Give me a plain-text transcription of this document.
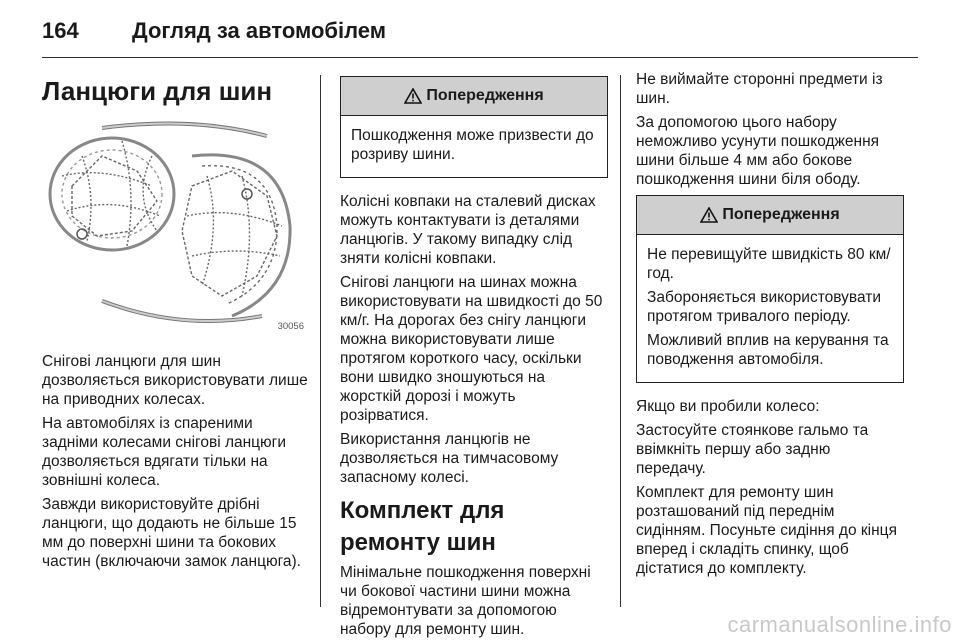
164 Догляд за автомобілем
Ланцюги для шин
30056

Снігові ланцюги для шин дозволяється використовувати лише на приводних колесах.

На автомобілях із спареними задніми колесами снігові ланцюги дозволяється вдягати тільки на зовнішні колеса.

Завжди використовуйте дрібні ланцюги, що додають не більше 15 мм до поверхні шини та бокових частин (включаючи замок ланцюга).

Попередження

Пошкодження може призвести до розриву шини.

Колісні ковпаки на сталевий дисках можуть контактувати із деталями ланцюгів. У такому випадку слід зняти колісні ковпаки.

Снігові ланцюги на шинах можна використовувати на швидкості до 50 км/г. На дорогах без снігу ланцюги можна використовувати лише протягом короткого часу, оскільки вони швидко зношуються на жорсткій дорозі і можуть розірватися.

Використання ланцюгів не дозволяється на тимчасовому запасному колесі.

Комплект для ремонту шин

Мінімальне пошкодження поверхні чи бокової частини шини можна відремонтувати за допомогою набору для ремонту шин.

Не виймайте сторонні предмети із шин.

За допомогою цього набору неможливо усунути пошкодження шини більше 4 мм або бокове пошкодження шини біля ободу.

Попередження

Не перевищуйте швидкість 80 км/год.

Забороняється використовувати протягом тривалого періоду.

Можливий вплив на керування та поводження автомобіля.

Якщо ви пробили колесо:

Застосуйте стоянкове гальмо та ввімкніть першу або задню передачу.

Комплект для ремонту шин розташований під переднім сидінням. Посуньте сидіння до кінця вперед і складіть спинку, щоб дістатися до комплекту.

carmanualsonline.info
